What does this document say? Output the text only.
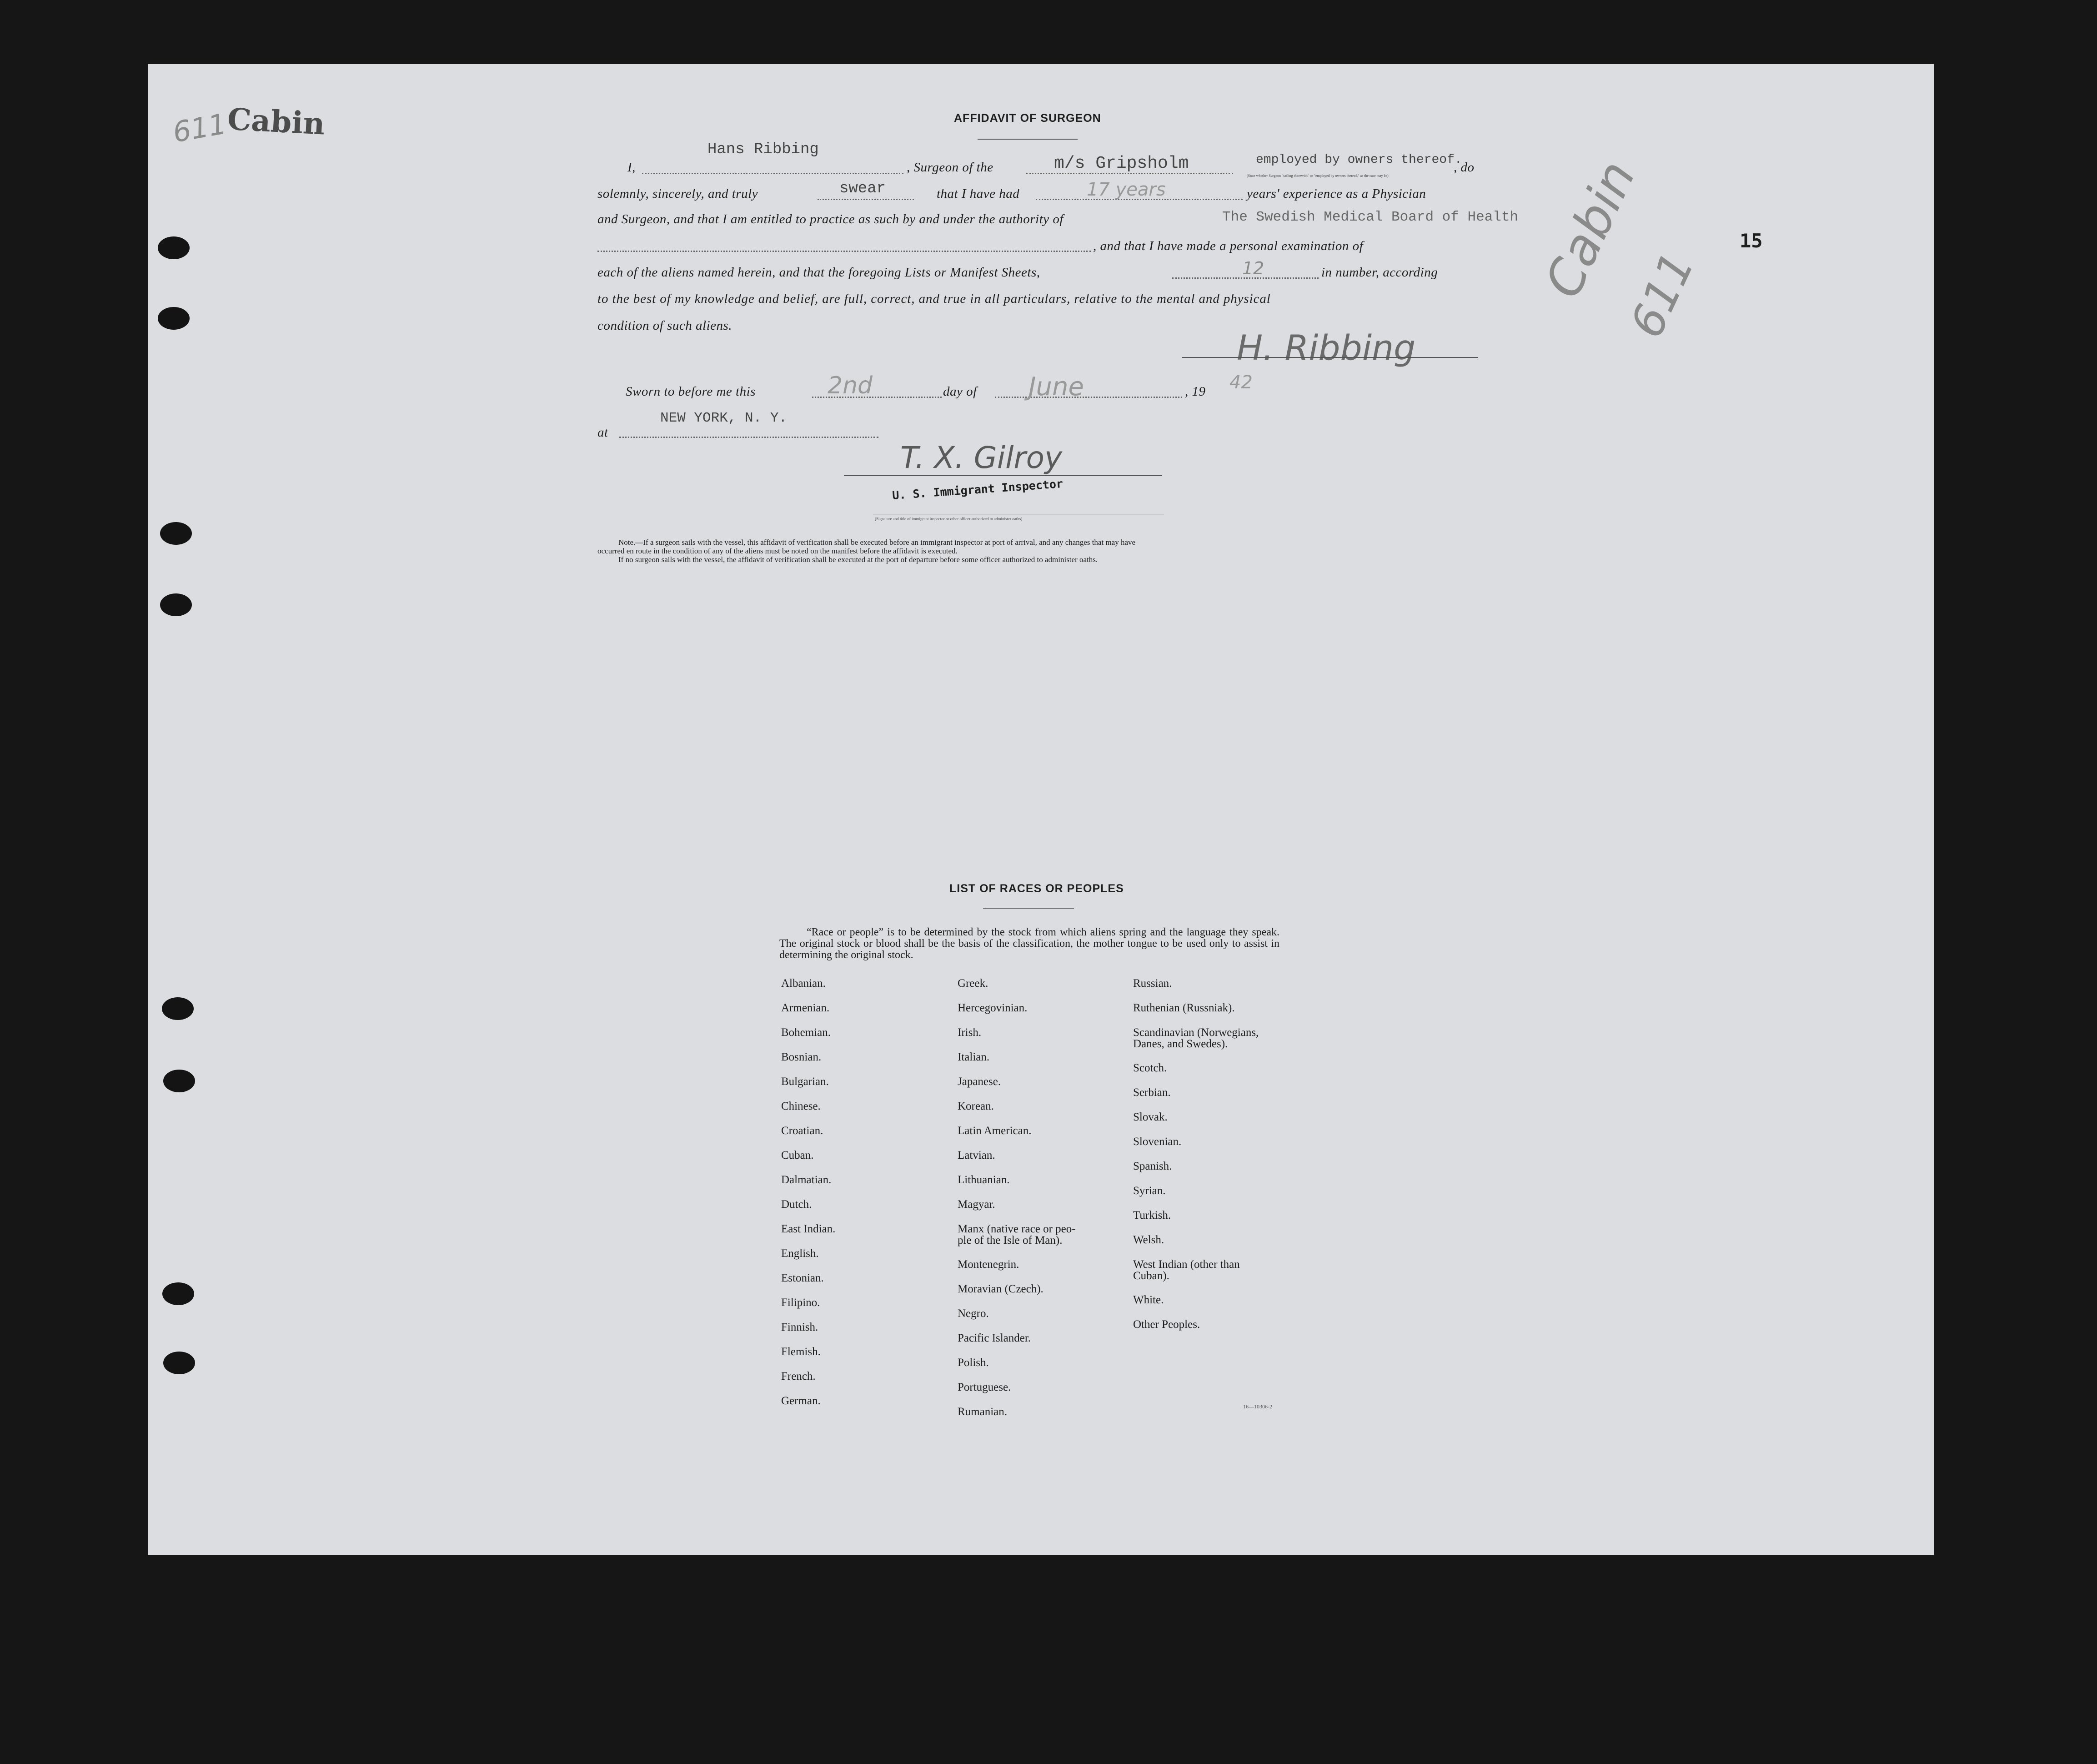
611
Cabin
Cabin
611
15
AFFIDAVIT OF SURGEON
I,
Hans Ribbing
, Surgeon of the	m/s Gripsholm	employed by owners thereof.
(State whether Surgeon "sailing therewith" or "employed by owners thereof," as the case may be)
, do
solemnly, sincerely, and truly	swear	that I have had	17 years	years' experience as a Physician
and Surgeon, and that I am entitled to practice as such by and under the authority of	The Swedish Medical Board of Health
, and that I have made a personal examination of
each of the aliens named herein, and that the foregoing Lists or Manifest Sheets,	12	in number, according
to the best of my knowledge and belief, are full, correct, and true in all particulars, relative to the mental and physical
condition of such aliens.
H. Ribbing
Sworn to before me this	2nd	day of June	, 19 42
at
NEW YORK, N. Y.
T. X. Gilroy
U. S. Immigrant Inspector
(Signature and title of immigrant inspector or other officer authorized to administer oaths)
Note.—If a surgeon sails with the vessel, this affidavit of verification shall be executed before an immigrant inspector at port of arrival, and any changes that may have
occurred en route in the condition of any of the aliens must be noted on the manifest before the affidavit is executed.
If no surgeon sails with the vessel, the affidavit of verification shall be executed at the port of departure before some officer authorized to administer oaths.
LIST OF RACES OR PEOPLES
“Race or people” is to be determined by the stock from which aliens spring and the language they speak. The original stock or blood shall be the basis of the classification, the mother tongue to be used only to assist in determining the original stock.
Albanian.
Armenian.
Bohemian.
Bosnian.
Bulgarian.
Chinese.
Croatian.
Cuban.
Dalmatian.
Dutch.
East Indian.
English.
Estonian.
Filipino.
Finnish.
Flemish.
French.
German.
Greek.
Hercegovinian.
Irish.
Italian.
Japanese.
Korean.
Latin American.
Latvian.
Lithuanian.
Magyar.
Manx (native race or peo-
ple of the Isle of Man).
Montenegrin.
Moravian (Czech).
Negro.
Pacific Islander.
Polish.
Portuguese.
Rumanian.
Russian.
Ruthenian (Russniak).
Scandinavian (Norwegians,
Danes, and Swedes).
Scotch.
Serbian.
Slovak.
Slovenian.
Spanish.
Syrian.
Turkish.
Welsh.
West Indian (other than
Cuban).
White.
Other Peoples.
16—10306-2
